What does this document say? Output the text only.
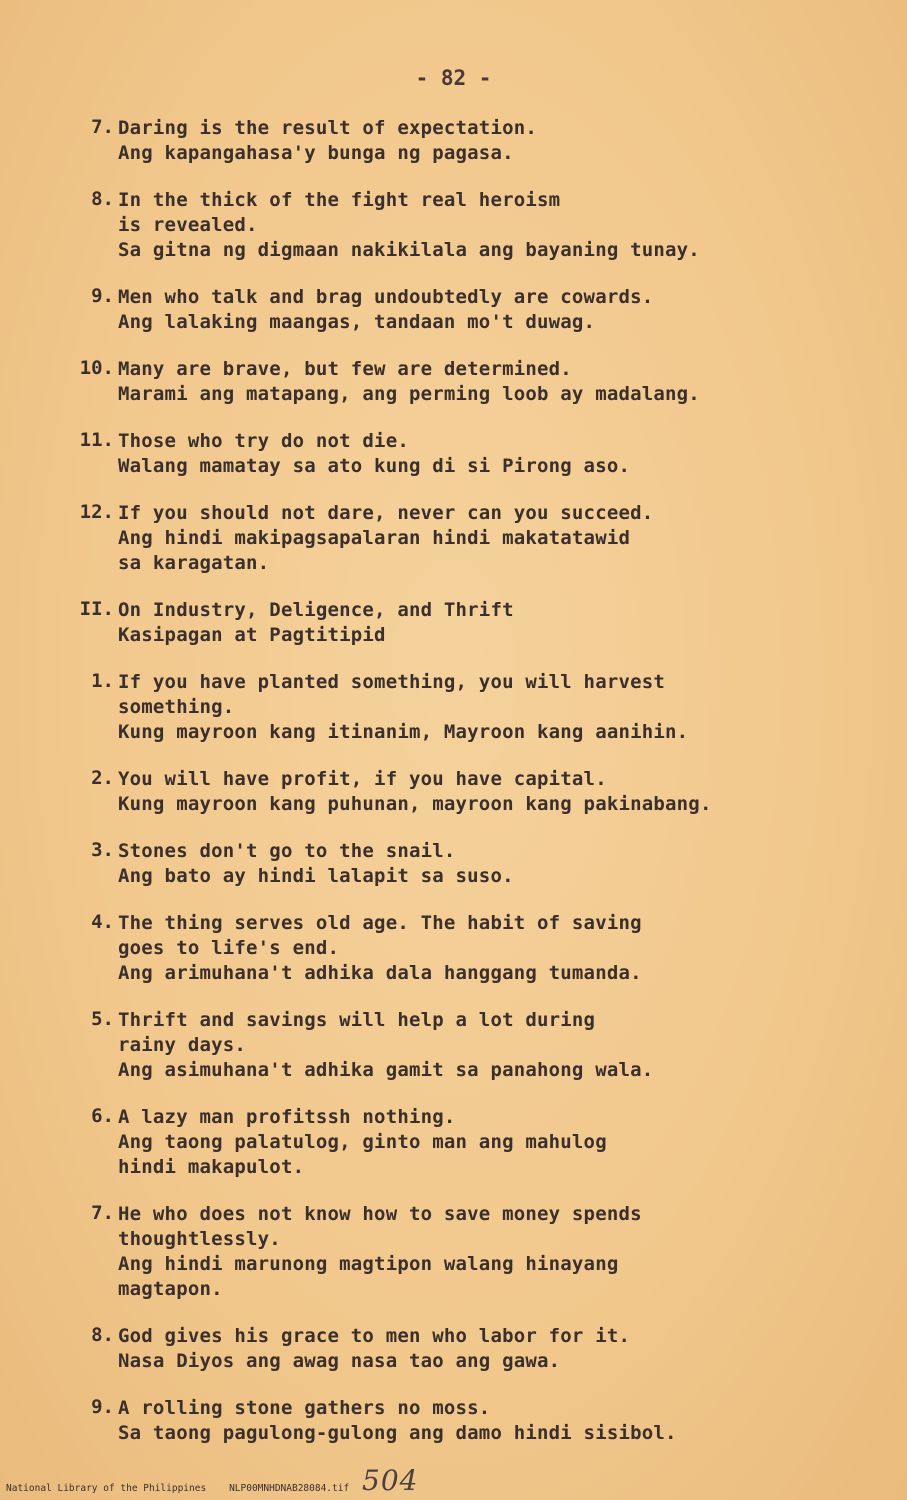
- 82 -
7. Daring is the result of expectation.
Ang kapangahasa'y bunga ng pagasa.
8. In the thick of the fight real heroism
is revealed.
Sa gitna ng digmaan nakikilala ang bayaning tunay.
9. Men who talk and brag undoubtedly are cowards.
Ang lalaking maangas, tandaan mo't duwag.
10. Many are brave, but few are determined.
Marami ang matapang, ang perming loob ay madalang.
11. Those who try do not die.
Walang mamatay sa ato kung di si Pirong aso.
12. If you should not dare, never can you succeed.
Ang hindi makipagsapalaran hindi makatatawid
sa karagatan.
II. On Industry, Deligence, and Thrift
Kasipagan at Pagtitipid
1. If you have planted something, you will harvest
something.
Kung mayroon kang itinanim, Mayroon kang aanihin.
2. You will have profit, if you have capital.
Kung mayroon kang puhunan, mayroon kang pakinabang.
3. Stones don't go to the snail.
Ang bato ay hindi lalapit sa suso.
4. The thing serves old age. The habit of saving
goes to life's end.
Ang arimuhana't adhika dala hanggang tumanda.
5. Thrift and savings will help a lot during
rainy days.
Ang asimuhana't adhika gamit sa panahong wala.
6. A lazy man profitssh nothing.
Ang taong palatulog, ginto man ang mahulog
hindi makapulot.
7. He who does not know how to save money spends
thoughtlessly.
Ang hindi marunong magtipon walang hinayang
magtapon.
8. God gives his grace to men who labor for it.
Nasa Diyos ang awag nasa tao ang gawa.
9. A rolling stone gathers no moss.
Sa taong pagulong-gulong ang damo hindi sisibol.
National Library of the Philippines NLP00MNHDNAB28084.tif 504
